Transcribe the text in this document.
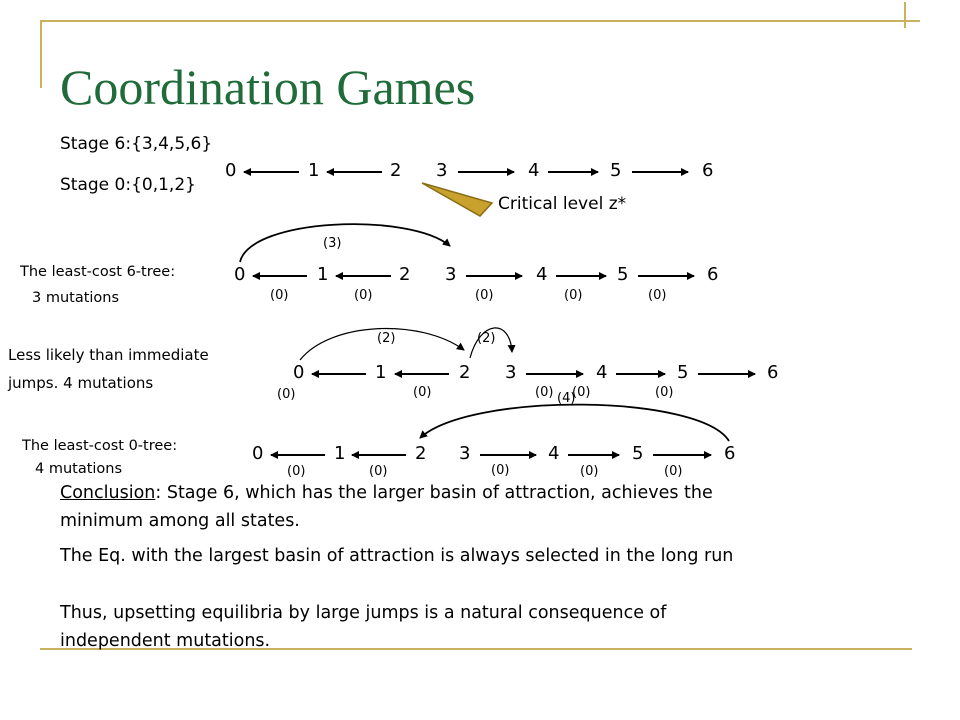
Coordination Games
Stage 6:{3,4,5,6}
Stage 0:{0,1,2}
0	1	2 3	4	5	6
Critical level z*
The least-cost 6-tree:
3 mutations
(3)
0	1	2 3	4	5	6
(0)	(0)	(0)	(0)	(0)
Less likely than immediate
jumps. 4 mutations
(2)	(2)
0	1	2 3	4	5	6
(0)	(0)	(0) (0)	(0)
(4)
The least-cost 0-tree:
4 mutations
0	1	2 3	4	5	6
(0)	(0)	(0)	(0)	(0)
Conclusion: Stage 6, which has the larger basin of attraction, achieves the
minimum among all states.
The Eq. with the largest basin of attraction is always selected in the long run
Thus, upsetting equilibria by large jumps is a natural consequence of
independent mutations.
